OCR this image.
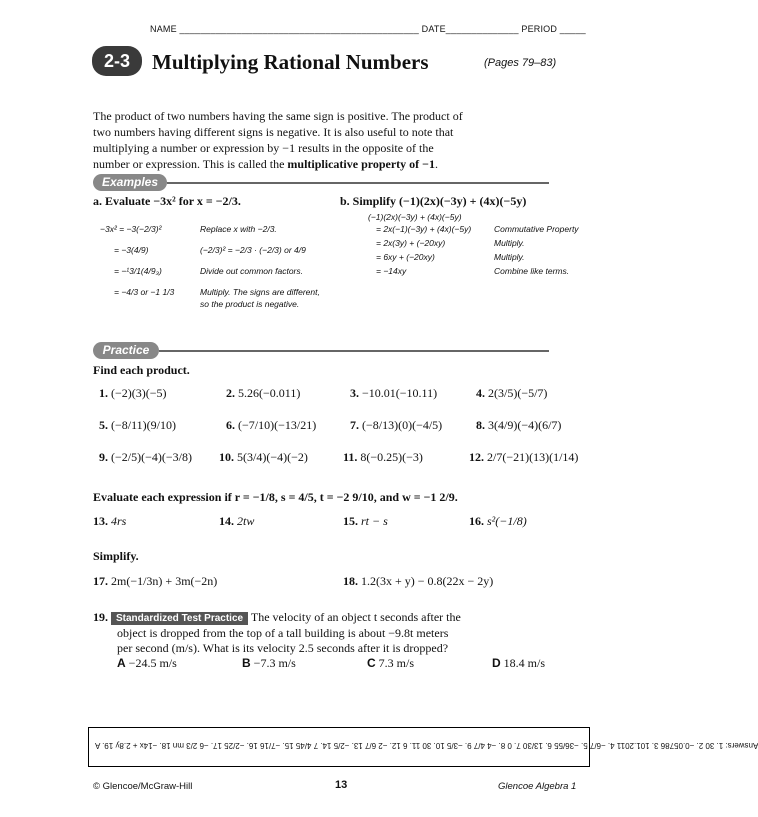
NAME ______________________________________________ DATE______________ PERIOD _____
2-3	Multiplying Rational Numbers	(Pages 79–83)
The product of two numbers having the same sign is positive. The product of
two numbers having different signs is negative. It is also useful to note that
multiplying a number or expression by −1 results in the opposite of the
number or expression. This is called the multiplicative property of −1.
Examples
a. Evaluate −3x² for x = −2/3.
−3x² = −3(−2/3)²	Replace x with −2/3.
= −3(4/9)	(−2/3)² = −2/3 · (−2/3) or 4/9
= −¹3/1(4/9₃)	Divide out common factors.
= −4/3 or −1 1/3	Multiply. The signs are different,
so the product is negative.
b. Simplify (−1)(2x)(−3y) + (4x)(−5y)
(−1)(2x)(−3y) + (4x)(−5y)
= 2x(−1)(−3y) + (4x)(−5y)	Commutative Property
= 2x(3y) + (−20xy)	Multiply.
= 6xy + (−20xy)	Multiply.
= −14xy	Combine like terms.
Practice
Find each product.
1. (−2)(3)(−5)	2. 5.26(−0.011)	3. −10.01(−10.11)	4. 2(3/5)(−5/7)
5. (−8/11)(9/10)	6. (−7/10)(−13/21)	7. (−8/13)(0)(−4/5)	8. 3(4/9)(−4)(6/7)
9. (−2/5)(−4)(−3/8) 10. 5(3/4)(−4)(−2)	11. 8(−0.25)(−3)	12. 2/7(−21)(13)(1/14)
Evaluate each expression if r = −1/8, s = 4/5, t = −2 9/10, and w = −1 2/9.
13. 4rs	14. 2tw	15. rt − s	16. s²(−1/8)
Simplify.
17. 2m(−1/3n) + 3m(−2n)	18. 1.2(3x + y) − 0.8(22x − 2y)
19. Standardized Test Practice The velocity of an object t seconds after the
object is dropped from the top of a tall building is about −9.8t meters
per second (m/s). What is its velocity 2.5 seconds after it is dropped?
A −24.5 m/s	B −7.3 m/s	C 7.3 m/s	D 18.4 m/s
Answers: 1. 30 2. −0.05786 3. 101.2011 4. −6/7 5. −36/55 6. 13/30 7. 0 8. −4 4/7 9. −3/5 10. 30 11. 6 12. −2 6/7 13. −2/5 14. 7 4/45 15. −7/16 16. −2/25 17. −6 2/3 mn 18. −14x + 2.8y 19. A
© Glencoe/McGraw-Hill	13	Glencoe Algebra 1
